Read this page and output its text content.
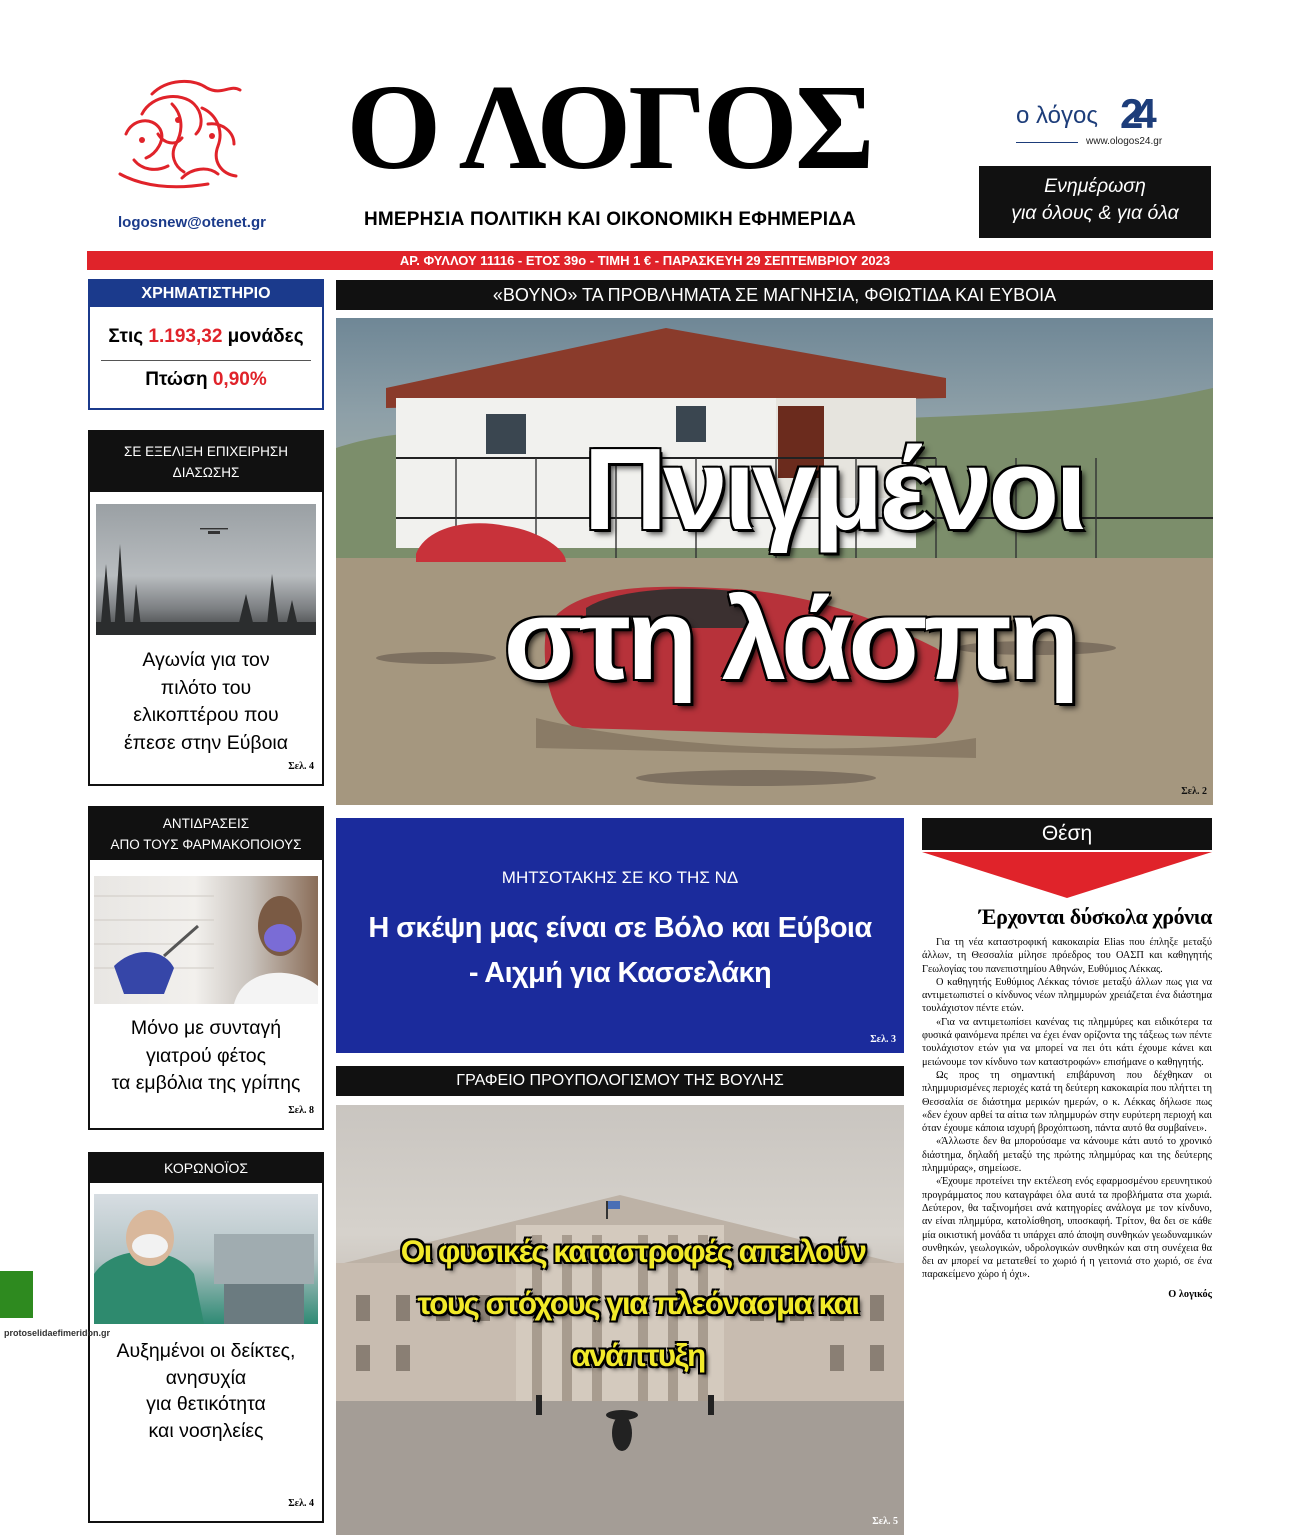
logosnew@otenet.gr
Ο ΛΟΓΟΣ
ΗΜΕΡΗΣΙΑ ΠΟΛΙΤΙΚΗ ΚΑΙ ΟΙΚΟΝΟΜΙΚΗ ΕΦΗΜΕΡΙΔΑ
ο λόγος 24
www.ologos24.gr
Ενημέρωση
για όλους & για όλα
ΑΡ. ΦΥΛΛΟΥ 11116 - ΕΤΟΣ 39ο - ΤΙΜΗ 1 € - ΠΑΡΑΣΚΕΥΗ 29 ΣΕΠΤΕΜΒΡΙΟΥ 2023
ΧΡΗΜΑΤΙΣΤΗΡΙΟ
Στις 1.193,32 μονάδες
Πτώση 0,90%
ΣΕ ΕΞΕΛΙΞΗ ΕΠΙΧΕΙΡΗΣΗ
ΔΙΑΣΩΣΗΣ
Αγωνία για τον
πιλότο του
ελικοπτέρου που
έπεσε στην Εύβοια
Σελ. 4
ΑΝΤΙΔΡΑΣΕΙΣ
ΑΠΟ ΤΟΥΣ ΦΑΡΜΑΚΟΠΟΙΟΥΣ
Μόνο με συνταγή
γιατρού φέτος
τα εμβόλια της γρίπης
Σελ. 8
ΚΟΡΩΝΟΪΟΣ
Αυξημένοι οι δείκτες,
ανησυχία
για θετικότητα
και νοσηλείες
Σελ. 4
protoselidaefimeridon.gr
«ΒΟΥΝΟ» ΤΑ ΠΡΟΒΛΗΜΑΤΑ ΣΕ ΜΑΓΝΗΣΙΑ, ΦΘΙΩΤΙΔΑ ΚΑΙ ΕΥΒΟΙΑ
Πνιγμένοι
στη λάσπη
Σελ. 2
ΜΗΤΣΟΤΑΚΗΣ ΣΕ ΚΟ ΤΗΣ ΝΔ
Η σκέψη μας είναι σε Βόλο και Εύβοια
- Αιχμή για Κασσελάκη
Σελ. 3
ΓΡΑΦΕΙΟ ΠΡΟΥΠΟΛΟΓΙΣΜΟΥ ΤΗΣ ΒΟΥΛΗΣ
Οι φυσικές καταστροφές απειλούν
τους στόχους για πλεόνασμα και ανάπτυξη
Σελ. 5
Θέση
Έρχονται δύσκολα χρόνια

Για τη νέα καταστροφική κακοκαιρία Elias που έπληξε μεταξύ άλλων, τη Θεσσαλία μίλησε πρόεδρος του ΟΑΣΠ και καθηγητής Γεωλογίας του πανεπιστημίου Αθηνών, Ευθύμιος Λέκκας.

Ο καθηγητής Ευθύμιος Λέκκας τόνισε μεταξύ άλλων πως για να αντιμετωπιστεί ο κίνδυνος νέων πλημμυρών χρειάζεται ένα διάστημα τουλάχιστον πέντε ετών.

«Για να αντιμετωπίσει κανένας τις πλημμύρες και ειδικότερα τα φυσικά φαινόμενα πρέπει να έχει έναν ορίζοντα της τάξεως των πέντε τουλάχιστον ετών για να μπορεί να πει ότι κάτι έχουμε κάνει και μειώνουμε τον κίνδυνο των καταστροφών» επισήμανε ο καθηγητής.

Ως προς τη σημαντική επιβάρυνση που δέχθηκαν οι πλημμυρισμένες περιοχές κατά τη δεύτερη κακοκαιρία που πλήττει τη Θεσσαλία σε διάστημα μερικών ημερών, ο κ. Λέκκας δήλωσε πως «δεν έχουν αρθεί τα αίτια των πλημμυρών στην ευρύτερη περιοχή και όταν έχουμε κάποια ισχυρή βροχόπτωση, πάντα αυτό θα συμβαίνει».

«Άλλωστε δεν θα μπορούσαμε να κάνουμε κάτι αυτό το χρονικό διάστημα, δηλαδή μεταξύ της πρώτης πλημμύρας και της δεύτερης πλημμύρας», σημείωσε.

«Έχουμε προτείνει την εκτέλεση ενός εφαρμοσμένου ερευνητικού προγράμματος που καταγράφει όλα αυτά τα προβλήματα στα χωριά. Δεύτερον, θα ταξινομήσει ανά κατηγορίες ανάλογα με τον κίνδυνο, αν είναι πλημμύρα, κατολίσθηση, υποσκαφή. Τρίτον, θα δει σε κάθε μία οικιστική μονάδα τι υπάρχει από άποψη συνθηκών γεωδυναμικών συνθηκών, γεωλογικών, υδρολογικών συνθηκών και στη συνέχεια θα δει αν μπορεί να μετατεθεί το χωριό ή η γειτονιά στο χωριό, σε ένα παρακείμενο χώρο ή όχι».

Ο λογικός
